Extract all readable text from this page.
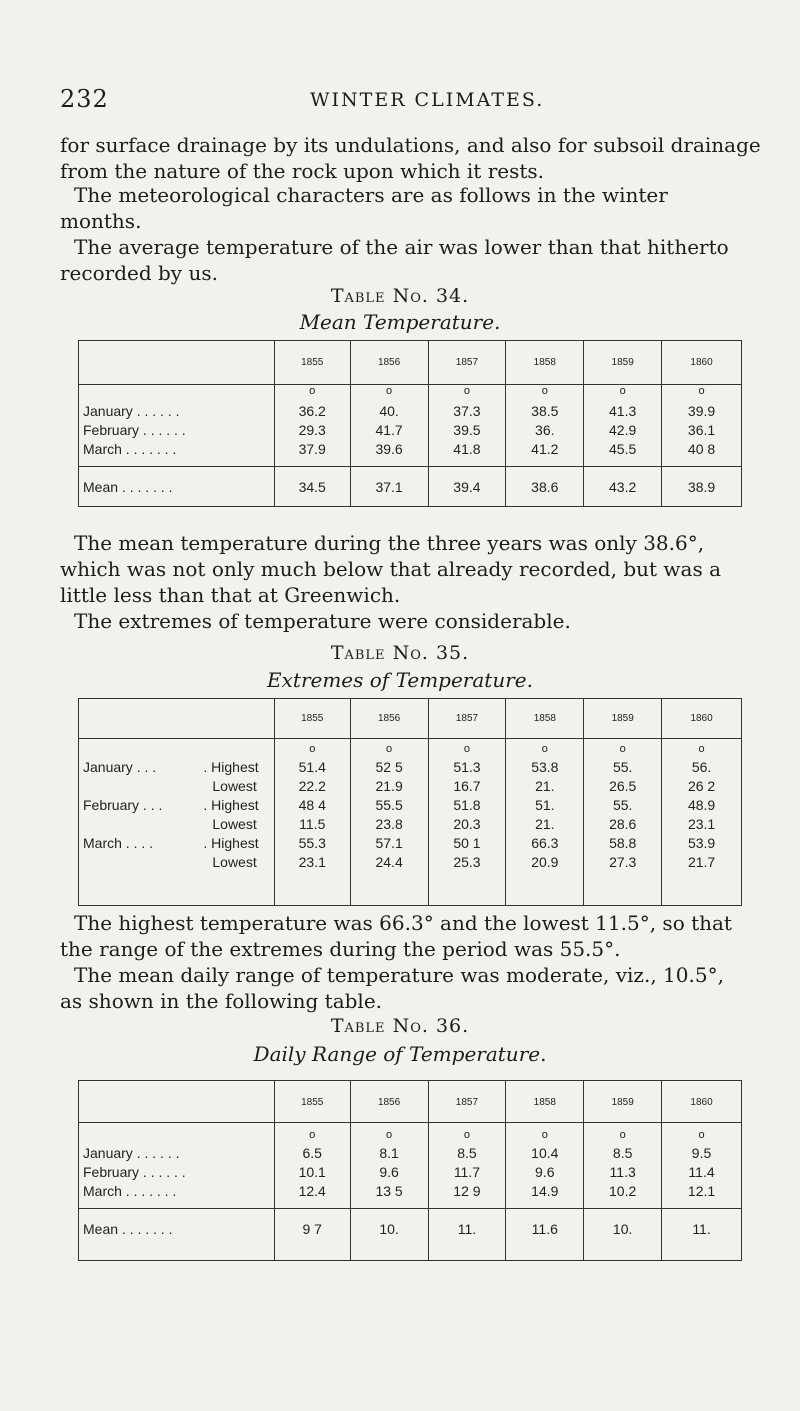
232	WINTER CLIMATES.

for surface drainage by its undulations, and also for subsoil drainage
from the nature of the rock upon which it rests.

The meteorological characters are as follows in the winter
months.

The average temperature of the air was lower than that hitherto
recorded by us.

Table No. 34.
Mean Temperature.
	1855	1856	1857	1858	1859	1860
	o	o	o	o	o	o
January . . . . . .	36.2	40.	37.3	38.5	41.3	39.9
February . . . . . .	29.3	41.7	39.5	36.	42.9	36.1
March . . . . . . .	37.9	39.6	41.8	41.2	45.5	40 8
Mean . . . . . . .	34.5	37.1	39.4	38.6	43.2	38.9

The mean temperature during the three years was only 38.6°,
which was not only much below that already recorded, but was a
little less than that at Greenwich.

The extremes of temperature were considerable.

Table No. 35.
Extremes of Temperature.
		1855	1856	1857	1858	1859	1860
		o	o	o	o	o	o
January . . .	. Highest	51.4	52 5	51.3	53.8	55.	56.
	Lowest	22.2	21.9	16.7	21.	26.5	26 2
February . . .	. Highest	48 4	55.5	51.8	51.	55.	48.9
	Lowest	11.5	23.8	20.3	21.	28.6	23.1
March . . . .	. Highest	55.3	57.1	50 1	66.3	58.8	53.9
	Lowest	23.1	24.4	25.3	20.9	27.3	21.7

The highest temperature was 66.3° and the lowest 11.5°, so that
the range of the extremes during the period was 55.5°.

The mean daily range of temperature was moderate, viz., 10.5°,
as shown in the following table.

Table No. 36.
Daily Range of Temperature.
	1855	1856	1857	1858	1859	1860
	o	o	o	o	o	o
January . . . . . .	6.5	8.1	8.5	10.4	8.5	9.5
February . . . . . .	10.1	9.6	11.7	9.6	11.3	11.4
March . . . . . . .	12.4	13 5	12 9	14.9	10.2	12.1
Mean . . . . . . .	9 7	10.	11.	11.6	10.	11.
